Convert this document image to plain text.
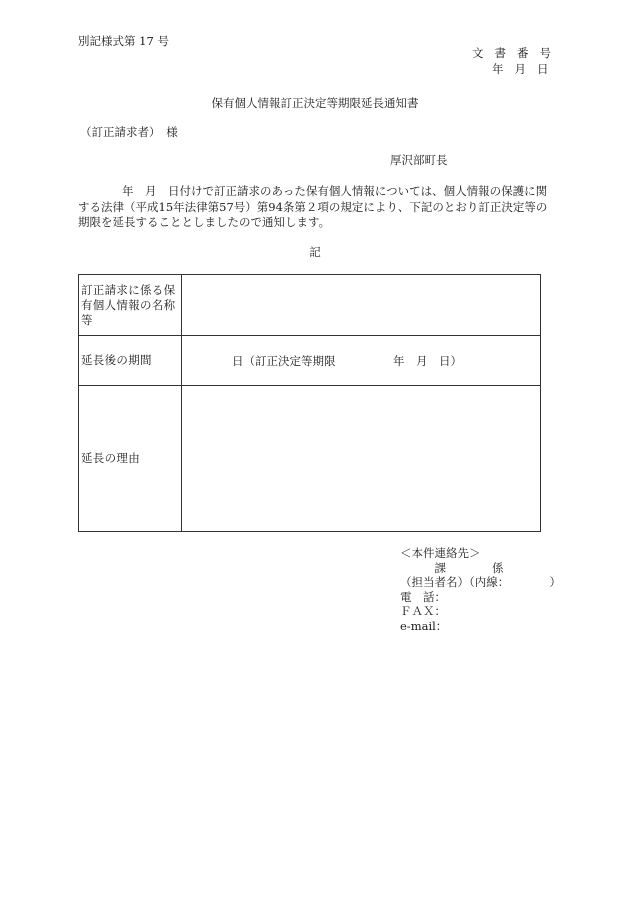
別記様式第 17 号
文書番号
年月日
保有個人情報訂正決定等期限延長通知書
（訂正請求者）　様
厚沢部町長
年　月　日付けで訂正請求のあった保有個人情報については、個人情報の保護に関する法律（平成15年法律第57号）第94条第２項の規定により、下記のとおり訂正決定等の期限を延長することとしましたので通知します。
記
訂正請求に係る保有個人情報の名称等	
延長後の期間	日（訂正決定等期限　　　　　年　月　日）
延長の理由	
＜本件連絡先＞
　　　課　　　　係
（担当者名）（内線：　　　　）
電　話：
ＦＡＸ：
e-mail：
